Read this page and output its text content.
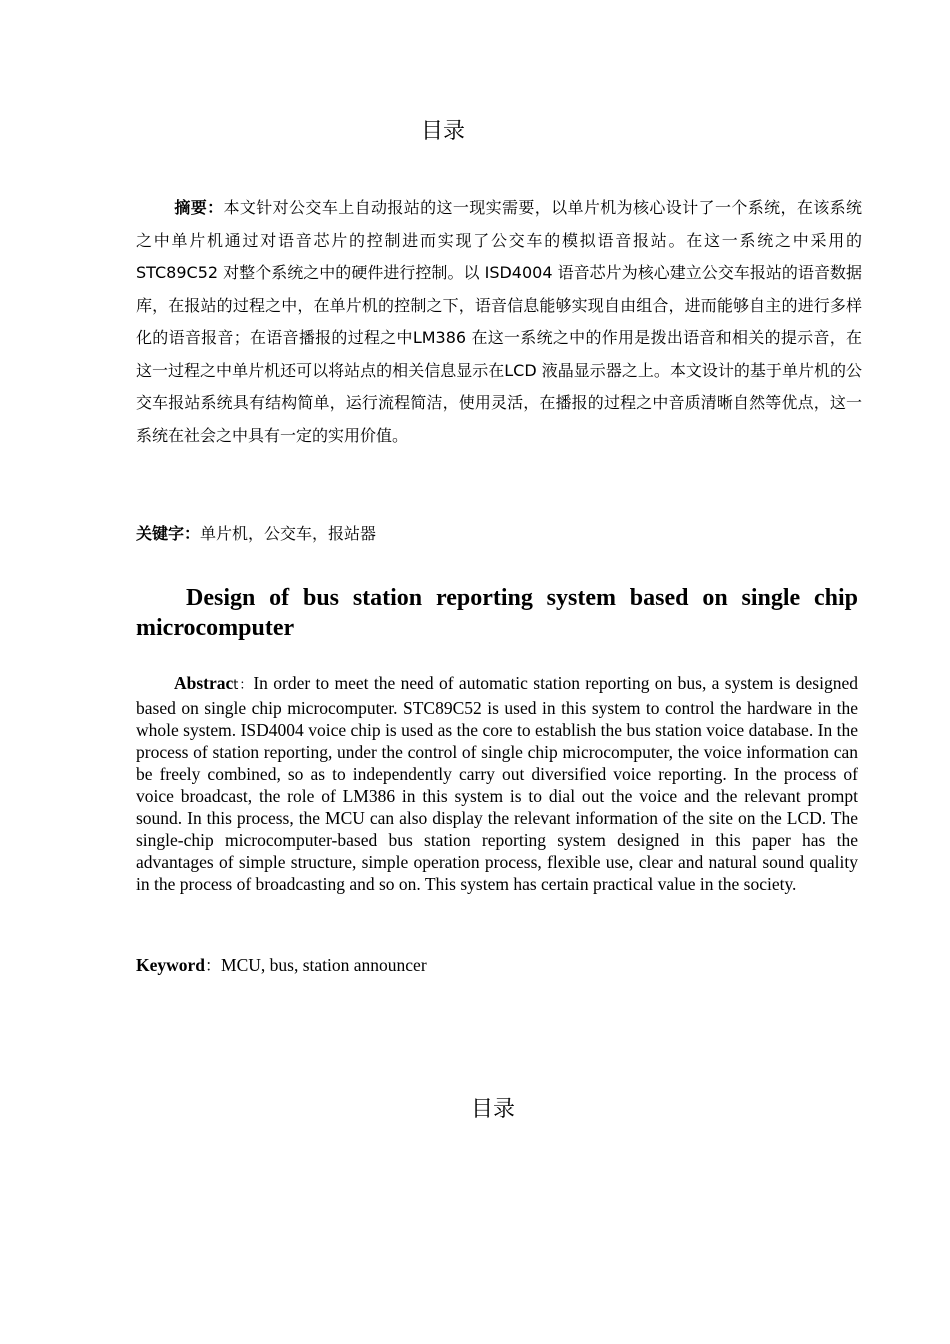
目录

摘要：本文针对公交车上自动报站的这一现实需要，以单片机为核心设计了一个系统，在该系统之中单片机通过对语音芯片的控制进而实现了公交车的模拟语音报站。在这一系统之中采用的 STC89C52 对整个系统之中的硬件进行控制。以 ISD4004 语音芯片为核心建立公交车报站的语音数据库，在报站的过程之中，在单片机的控制之下，语音信息能够实现自由组合，进而能够自主的进行多样化的语音报音；在语音播报的过程之中LM386 在这一系统之中的作用是拨出语音和相关的提示音，在这一过程之中单片机还可以将站点的相关信息显示在LCD 液晶显示器之上。本文设计的基于单片机的公交车报站系统具有结构简单，运行流程简洁，使用灵活，在播报的过程之中音质清晰自然等优点，这一系统在社会之中具有一定的实用价值。

关键字：单片机，公交车，报站器

Design of bus station reporting system based on single chip microcomputer

Abstract：In order to meet the need of automatic station reporting on bus, a system is designed based on single chip microcomputer. STC89C52 is used in this system to control the hardware in the whole system. ISD4004 voice chip is used as the core to establish the bus station voice database. In the process of station reporting, under the control of single chip microcomputer, the voice information can be freely combined, so as to independently carry out diversified voice reporting. In the process of voice broadcast, the role of LM386 in this system is to dial out the voice and the relevant prompt sound. In this process, the MCU can also display the relevant information of the site on the LCD. The single-chip microcomputer-based bus station reporting system designed in this paper has the advantages of simple structure, simple operation process, flexible use, clear and natural sound quality in the process of broadcasting and so on. This system has certain practical value in the society.

Keyword：MCU, bus, station announcer

目录
